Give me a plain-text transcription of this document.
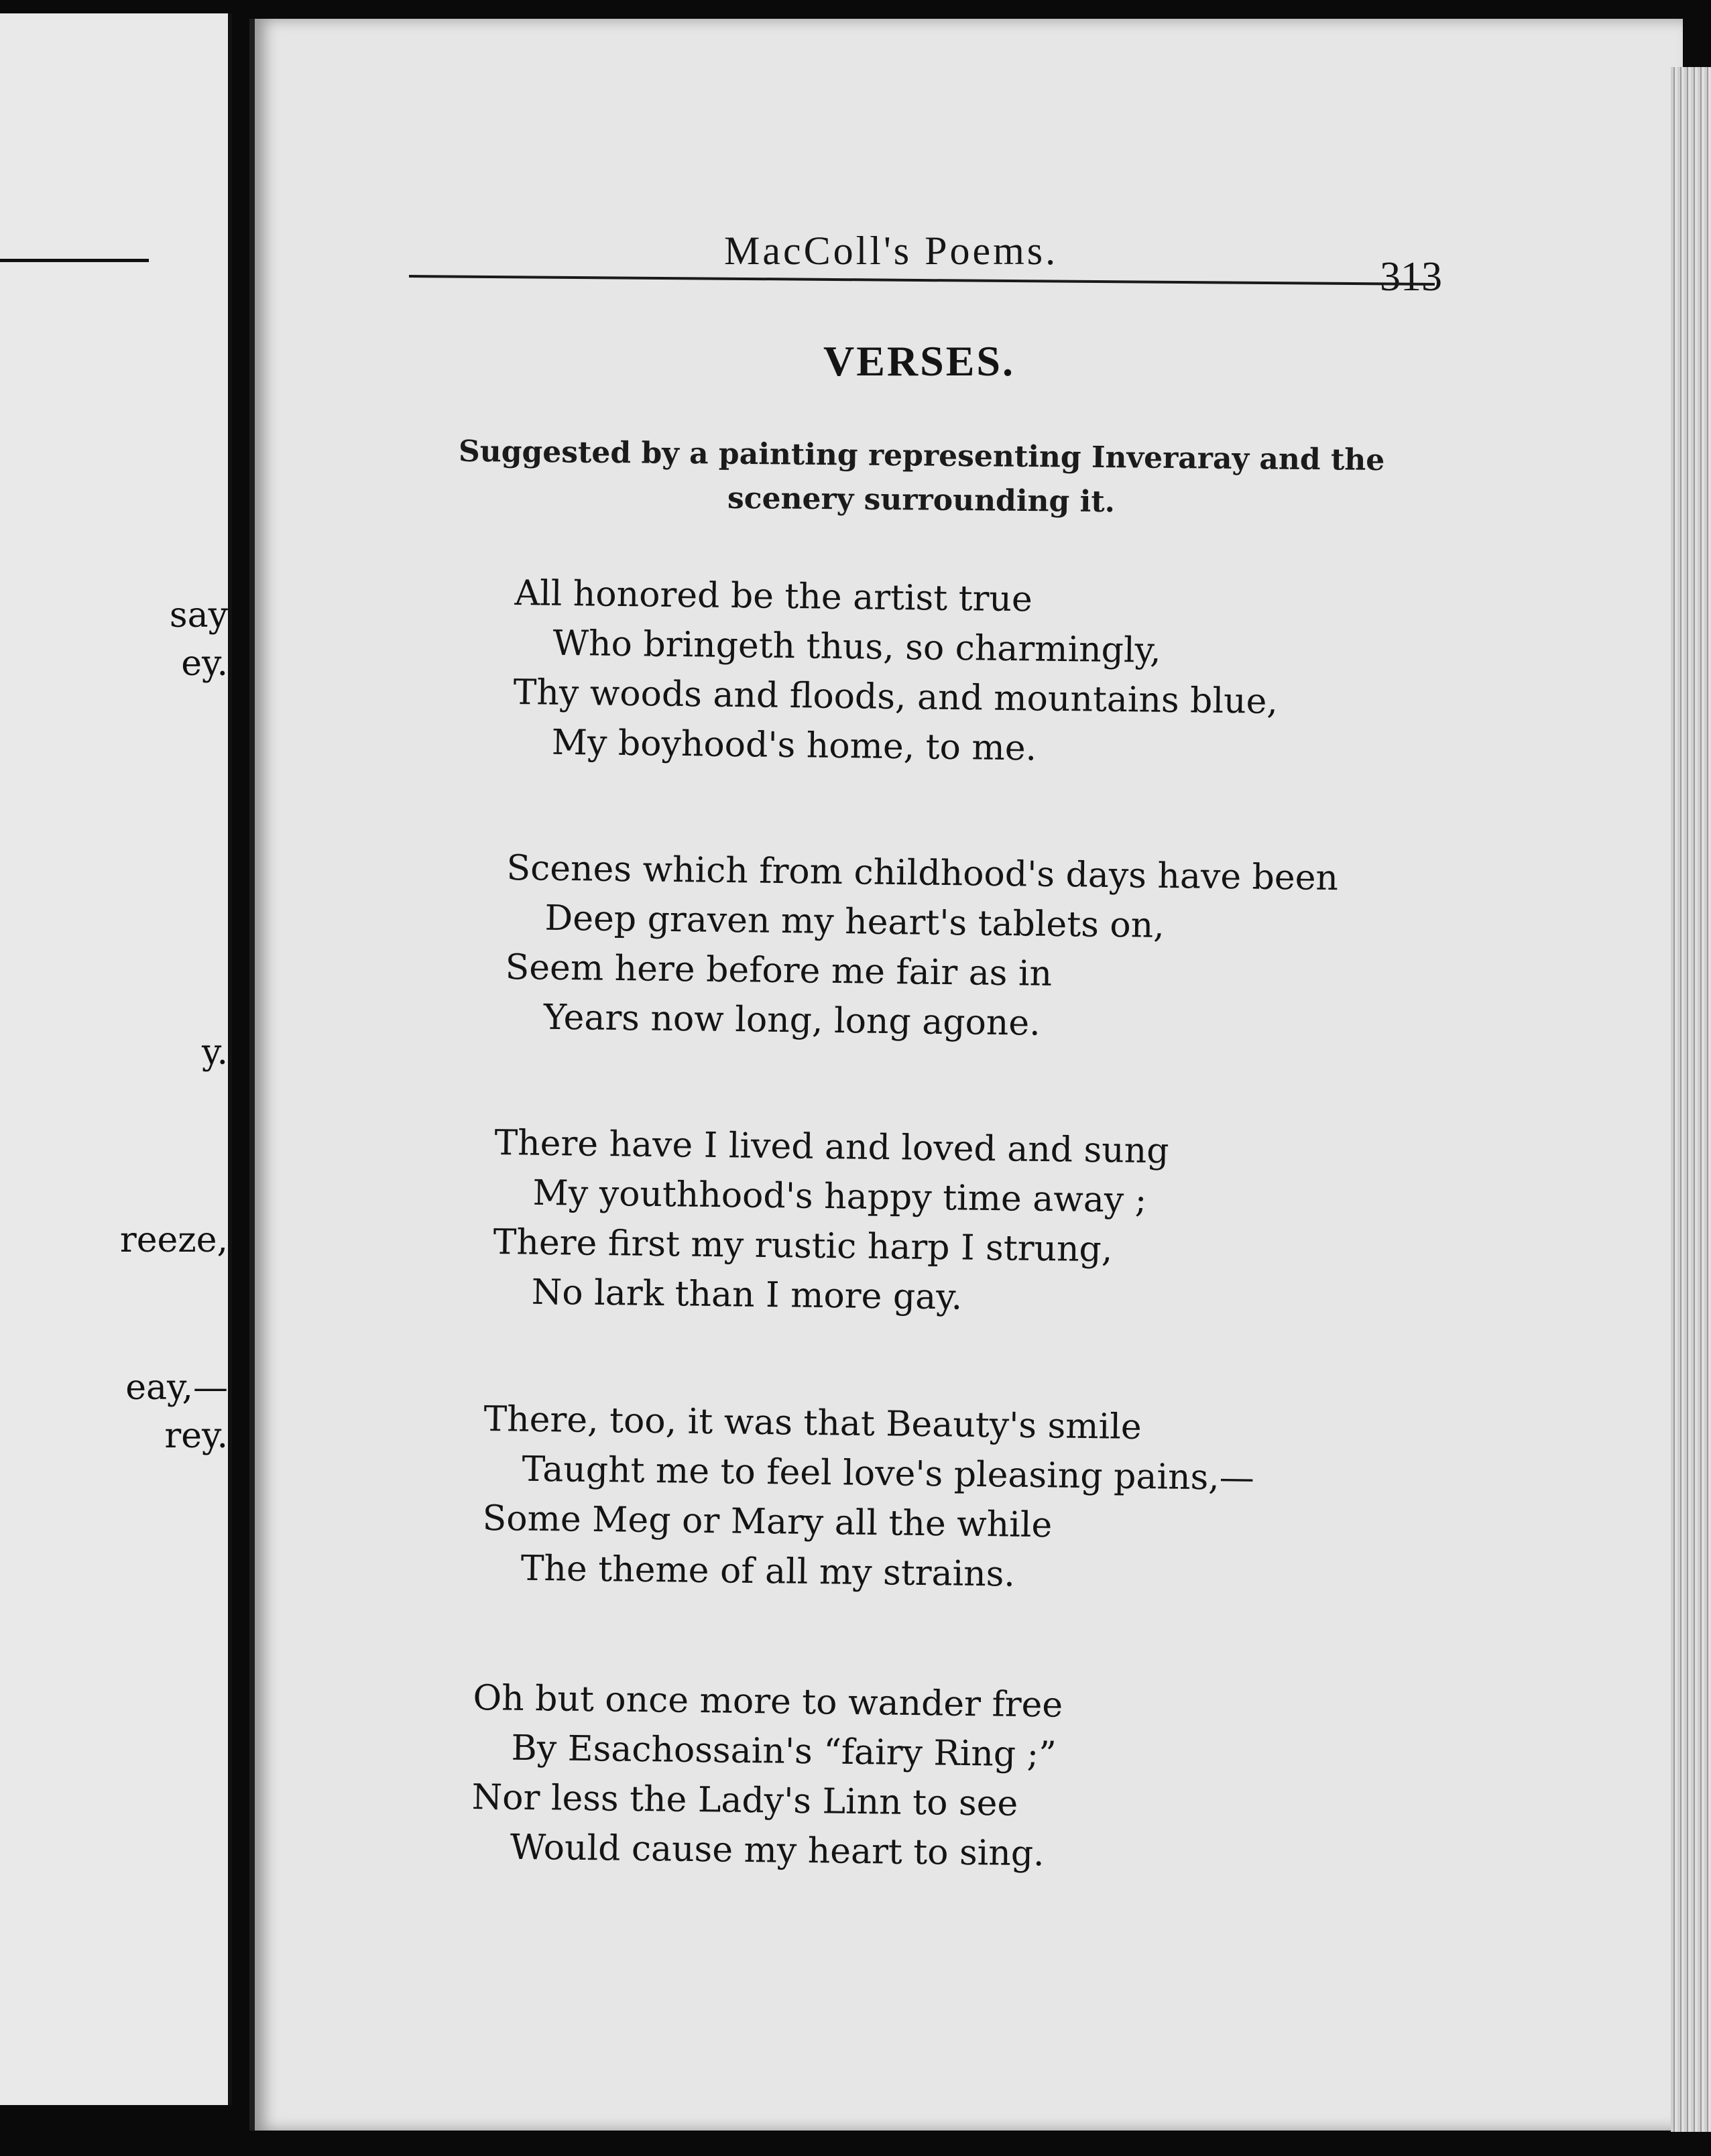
say
ey.
y.
reeze,
eay,—
rey.
MacColl's Poems.
313
VERSES.
Suggested by a painting representing Inveraray and the scenery surrounding it.
All honored be the artist true
Who bringeth thus, so charmingly,
Thy woods and floods, and mountains blue,
My boyhood's home, to me.
Scenes which from childhood's days have been
Deep graven my heart's tablets on,
Seem here before me fair as in
Years now long, long agone.
There have I lived and loved and sung
My youthhood's happy time away ;
There first my rustic harp I strung,
No lark than I more gay.
There, too, it was that Beauty's smile
Taught me to feel love's pleasing pains,—
Some Meg or Mary all the while
The theme of all my strains.
Oh but once more to wander free
By Esachossain's “fairy Ring ;”
Nor less the Lady's Linn to see
Would cause my heart to sing.
